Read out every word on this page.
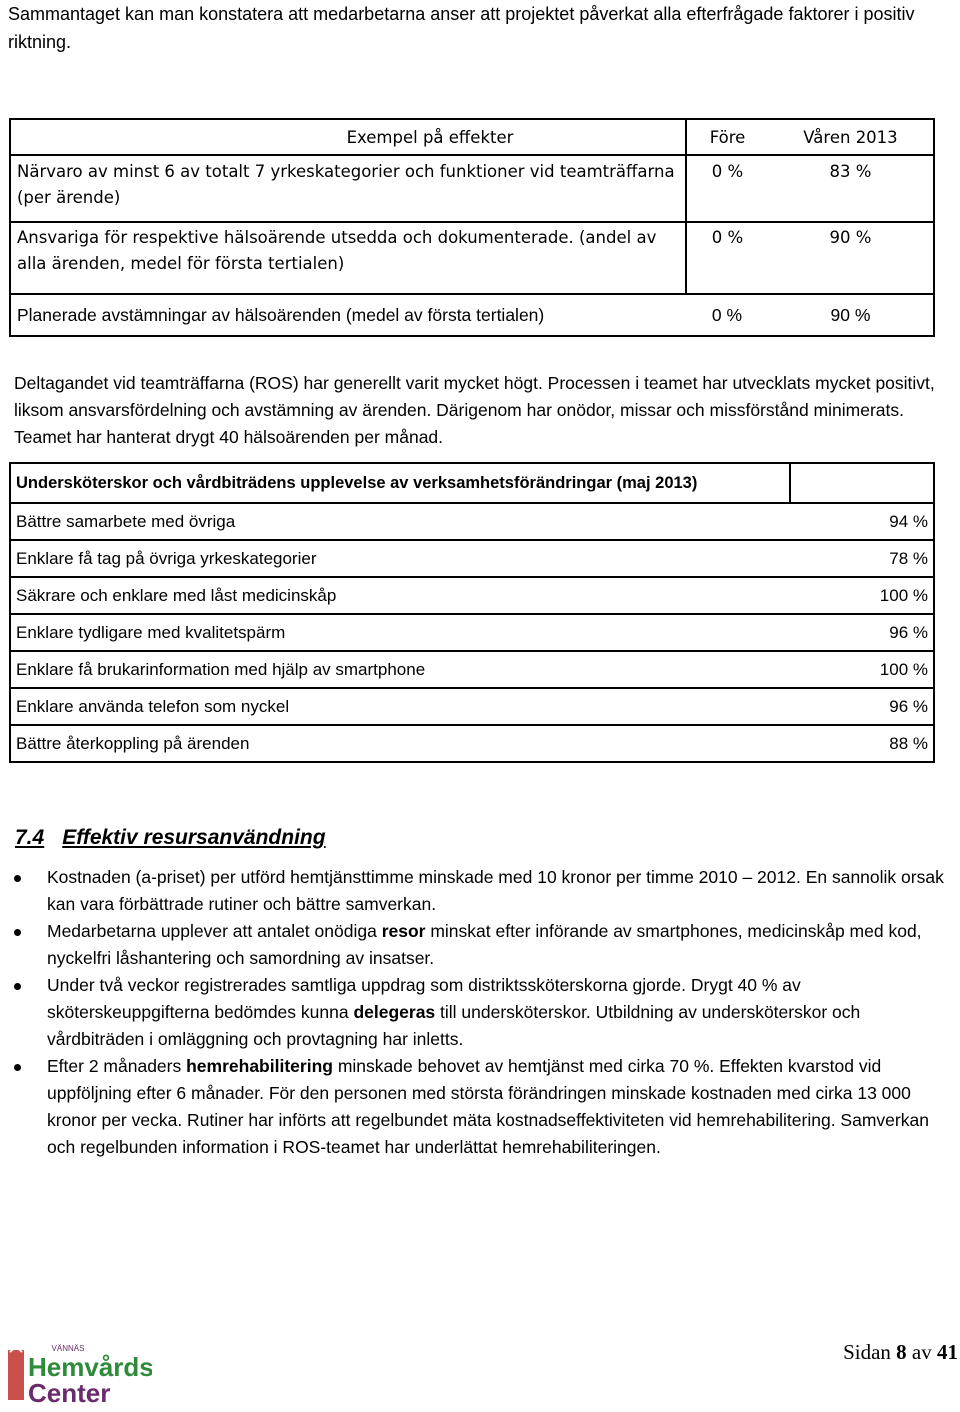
Sammantaget kan man konstatera att medarbetarna anser att projektet påverkat alla efterfrågade faktorer i positiv riktning.
Exempel på effekter	Före	Våren 2013
Närvaro av minst 6 av totalt 7 yrkeskategorier och funktioner vid teamträffarna (per ärende)	0 %	83 %
Ansvariga för respektive hälsoärende utsedda och dokumenterade. (andel av alla ärenden, medel för första tertialen)	0 %	90 %
Planerade avstämningar av hälsoärenden (medel av första tertialen)	0 %	90 %
Deltagandet vid teamträffarna (ROS) har generellt varit mycket högt. Processen i teamet har utvecklats mycket positivt, liksom ansvarsfördelning och avstämning av ärenden. Därigenom har onödor, missar och missförstånd minimerats. Teamet har hanterat drygt 40 hälsoärenden per månad.
Undersköterskor och vårdbiträdens upplevelse av verksamhetsförändringar (maj 2013)	
Bättre samarbete med övriga	94 %
Enklare få tag på övriga yrkeskategorier	78 %
Säkrare och enklare med låst medicinskåp	100 %
Enklare tydligare med kvalitetspärm	96 %
Enklare få brukarinformation med hjälp av smartphone	100 %
Enklare använda telefon som nyckel	96 %
Bättre återkoppling på ärenden	88 %
7.4 Effektiv resursanvändning
Kostnaden (a-priset) per utförd hemtjänsttimme minskade med 10 kronor per timme 2010 – 2012. En sannolik orsak kan vara förbättrade rutiner och bättre samverkan.
Medarbetarna upplever att antalet onödiga resor minskat efter införande av smartphones, medicinskåp med kod, nyckelfri låshantering och samordning av insatser.
Under två veckor registrerades samtliga uppdrag som distriktssköterskorna gjorde. Drygt 40 % av sköterskeuppgifterna bedömdes kunna delegeras till undersköterskor. Utbildning av undersköterskor och vårdbiträden i omläggning och provtagning har inletts.
Efter 2 månaders hemrehabilitering minskade behovet av hemtjänst med cirka 70 %. Effekten kvarstod vid uppföljning efter 6 månader. För den personen med största förändringen minskade kostnaden med cirka 13 000 kronor per vecka. Rutiner har införts att regelbundet mäta kostnadseffektiviteten vid hemrehabilitering. Samverkan och regelbunden information i ROS-teamet har underlättat hemrehabiliteringen.
VÄNNÄS
Hemvårds
Center
Sidan 8 av 41
